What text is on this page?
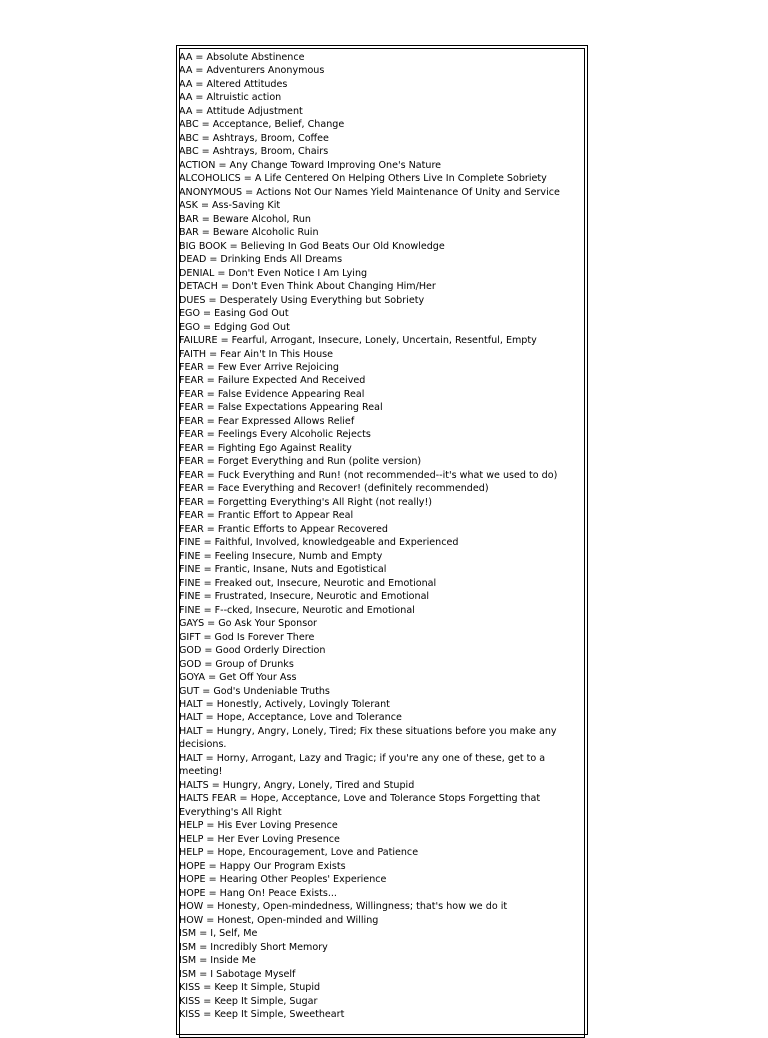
AA = Absolute Abstinence
AA = Adventurers Anonymous
AA = Altered Attitudes
AA = Altruistic action
AA = Attitude Adjustment
ABC = Acceptance, Belief, Change
ABC = Ashtrays, Broom, Coffee
ABC = Ashtrays, Broom, Chairs
ACTION = Any Change Toward Improving One's Nature
ALCOHOLICS = A Life Centered On Helping Others Live In Complete Sobriety
ANONYMOUS = Actions Not Our Names Yield Maintenance Of Unity and Service
ASK = Ass-Saving Kit
BAR = Beware Alcohol, Run
BAR = Beware Alcoholic Ruin
BIG BOOK = Believing In God Beats Our Old Knowledge
DEAD = Drinking Ends All Dreams
DENIAL = Don't Even Notice I Am Lying
DETACH = Don't Even Think About Changing Him/Her
DUES = Desperately Using Everything but Sobriety
EGO = Easing God Out
EGO = Edging God Out
FAILURE = Fearful, Arrogant, Insecure, Lonely, Uncertain, Resentful, Empty
FAITH = Fear Ain't In This House
FEAR = Few Ever Arrive Rejoicing
FEAR = Failure Expected And Received
FEAR = False Evidence Appearing Real
FEAR = False Expectations Appearing Real
FEAR = Fear Expressed Allows Relief
FEAR = Feelings Every Alcoholic Rejects
FEAR = Fighting Ego Against Reality
FEAR = Forget Everything and Run (polite version)
FEAR = Fuck Everything and Run! (not recommended--it's what we used to do)
FEAR = Face Everything and Recover! (definitely recommended)
FEAR = Forgetting Everything's All Right (not really!)
FEAR = Frantic Effort to Appear Real
FEAR = Frantic Efforts to Appear Recovered
FINE = Faithful, Involved, knowledgeable and Experienced
FINE = Feeling Insecure, Numb and Empty
FINE = Frantic, Insane, Nuts and Egotistical
FINE = Freaked out, Insecure, Neurotic and Emotional
FINE = Frustrated, Insecure, Neurotic and Emotional
FINE = F--cked, Insecure, Neurotic and Emotional
GAYS = Go Ask Your Sponsor
GIFT = God Is Forever There
GOD = Good Orderly Direction
GOD = Group of Drunks
GOYA = Get Off Your Ass
GUT = God's Undeniable Truths
HALT = Honestly, Actively, Lovingly Tolerant
HALT = Hope, Acceptance, Love and Tolerance
HALT = Hungry, Angry, Lonely, Tired; Fix these situations before you make any
decisions.
HALT = Horny, Arrogant, Lazy and Tragic; if you're any one of these, get to a
meeting!
HALTS = Hungry, Angry, Lonely, Tired and Stupid
HALTS FEAR = Hope, Acceptance, Love and Tolerance Stops Forgetting that
Everything's All Right
HELP = His Ever Loving Presence
HELP = Her Ever Loving Presence
HELP = Hope, Encouragement, Love and Patience
HOPE = Happy Our Program Exists
HOPE = Hearing Other Peoples' Experience
HOPE = Hang On! Peace Exists...
HOW = Honesty, Open-mindedness, Willingness; that's how we do it
HOW = Honest, Open-minded and Willing
ISM = I, Self, Me
ISM = Incredibly Short Memory
ISM = Inside Me
ISM = I Sabotage Myself
KISS = Keep It Simple, Stupid
KISS = Keep It Simple, Sugar
KISS = Keep It Simple, Sweetheart
